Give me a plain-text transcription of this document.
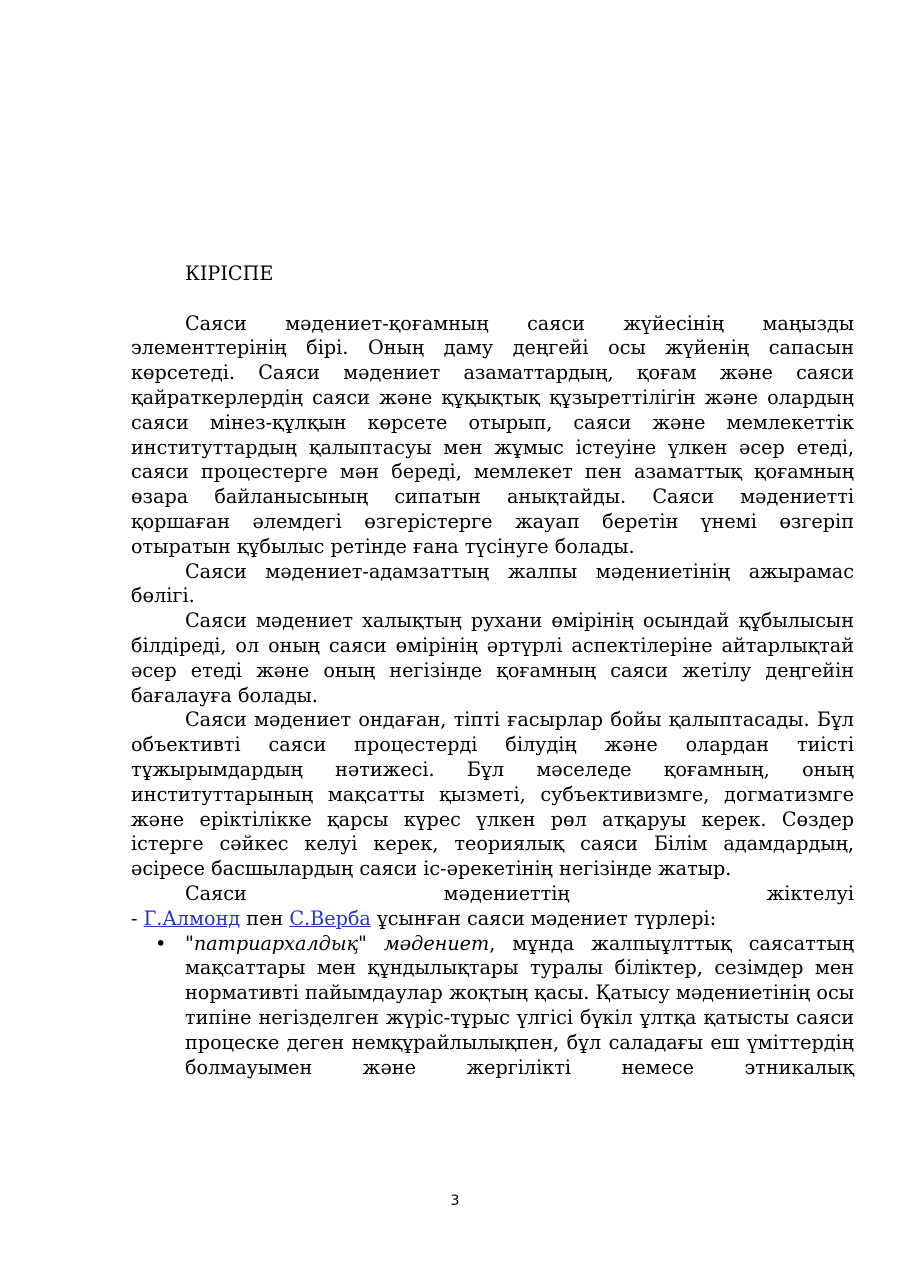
КІРІСПЕ

Саяси мәдениет-қоғамның саяси жүйесінің маңызды элементтерінің бірі. Оның даму деңгейі осы жүйенің сапасын көрсетеді. Саяси мәдениет азаматтардың, қоғам және саяси қайраткерлердің саяси және құқықтық құзыреттілігін және олардың саяси мінез-құлқын көрсете отырып, саяси және мемлекеттік институттардың қалыптасуы мен жұмыс істеуіне үлкен әсер етеді, саяси процестерге мән береді, мемлекет пен азаматтық қоғамның өзара байланысының сипатын анықтайды. Саяси мәдениетті қоршаған әлемдегі өзгерістерге жауап беретін үнемі өзгеріп отыратын құбылыс ретінде ғана түсінуге болады.

Саяси мәдениет-адамзаттың жалпы мәдениетінің ажырамас бөлігі.

Саяси мәдениет халықтың рухани өмірінің осындай құбылысын білдіреді, ол оның саяси өмірінің әртүрлі аспектілеріне айтарлықтай әсер етеді және оның негізінде қоғамның саяси жетілу деңгейін бағалауға болады.

Саяси мәдениет ондаған, тіпті ғасырлар бойы қалыптасады. Бұл объективті саяси процестерді білудің және олардан тиісті тұжырымдардың нәтижесі. Бұл мәселеде қоғамның, оның институттарының мақсатты қызметі, субъективизмге, догматизмге және еріктілікке қарсы күрес үлкен рөл атқаруы керек. Сөздер істерге сәйкес келуі керек, теориялық саяси Білім адамдардың, әсіресе басшылардың саяси іс-әрекетінің негізінде жатыр.

Саяси мәдениеттің жіктелуі
- Г.Алмонд пен С.Верба ұсынған саяси мәдениет түрлері:

• "патриархалдық" мәдениет, мұнда жалпыұлттық саясаттың мақсаттары мен құндылықтары туралы біліктер, сезімдер мен нормативті пайымдаулар жоқтың қасы. Қатысу мәдениетінің осы типіне негізделген жүріс-тұрыс үлгісі бүкіл ұлтқа қатысты саяси процеске деген немқұрайлылықпен, бұл саладағы еш үміттердің болмауымен және жергілікті немесе этникалық
3
